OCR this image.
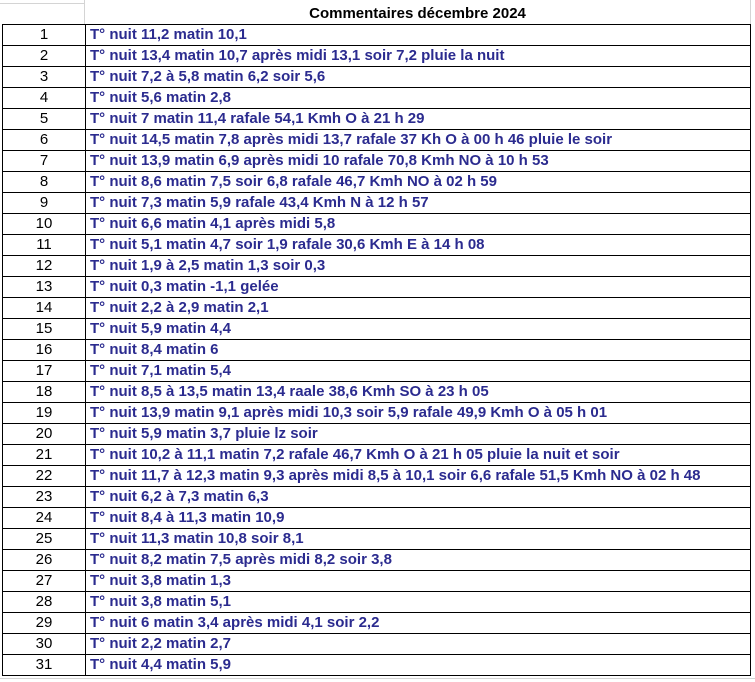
Commentaires décembre 2024
1	T° nuit 11,2 matin 10,1
2	T° nuit 13,4 matin 10,7 après midi 13,1 soir 7,2 pluie la nuit
3	T° nuit 7,2 à 5,8 matin 6,2 soir 5,6
4	T° nuit 5,6 matin 2,8
5	T° nuit 7 matin 11,4 rafale 54,1 Kmh O à 21 h 29
6	T° nuit 14,5 matin 7,8 après midi 13,7 rafale 37 Kh O à 00 h 46 pluie le soir
7	T° nuit 13,9 matin 6,9 après midi 10 rafale 70,8 Kmh NO à 10 h 53
8	T° nuit 8,6 matin 7,5 soir 6,8 rafale 46,7 Kmh NO à 02 h 59
9	T° nuit 7,3 matin 5,9 rafale 43,4 Kmh N à 12 h 57
10	T° nuit 6,6 matin 4,1 après midi 5,8
11	T° nuit 5,1 matin 4,7 soir 1,9 rafale 30,6 Kmh E à 14 h 08
12	T° nuit 1,9 à 2,5 matin 1,3 soir 0,3
13	T° nuit 0,3 matin -1,1 gelée
14	T° nuit 2,2 à 2,9 matin 2,1
15	T° nuit 5,9 matin 4,4
16	T° nuit 8,4 matin 6
17	T° nuit 7,1 matin 5,4
18	T° nuit 8,5 à 13,5 matin 13,4 raale 38,6 Kmh SO à 23 h 05
19	T° nuit 13,9 matin 9,1 après midi 10,3 soir 5,9 rafale 49,9 Kmh O à 05 h 01
20	T° nuit 5,9 matin 3,7 pluie lz soir
21	T° nuit 10,2 à 11,1 matin 7,2 rafale 46,7 Kmh O à 21 h 05 pluie la nuit et soir
22	T° nuit 11,7 à 12,3 matin 9,3 après midi 8,5 à 10,1 soir 6,6 rafale 51,5 Kmh NO à 02 h 48
23	T° nuit 6,2 à 7,3 matin 6,3
24	T° nuit 8,4 à 11,3 matin 10,9
25	T° nuit 11,3 matin 10,8 soir 8,1
26	T° nuit 8,2 matin 7,5 après midi 8,2 soir 3,8
27	T° nuit 3,8 matin 1,3
28	T° nuit 3,8 matin 5,1
29	T° nuit 6 matin 3,4 après midi 4,1 soir 2,2
30	T° nuit 2,2 matin 2,7
31	T° nuit 4,4 matin 5,9
